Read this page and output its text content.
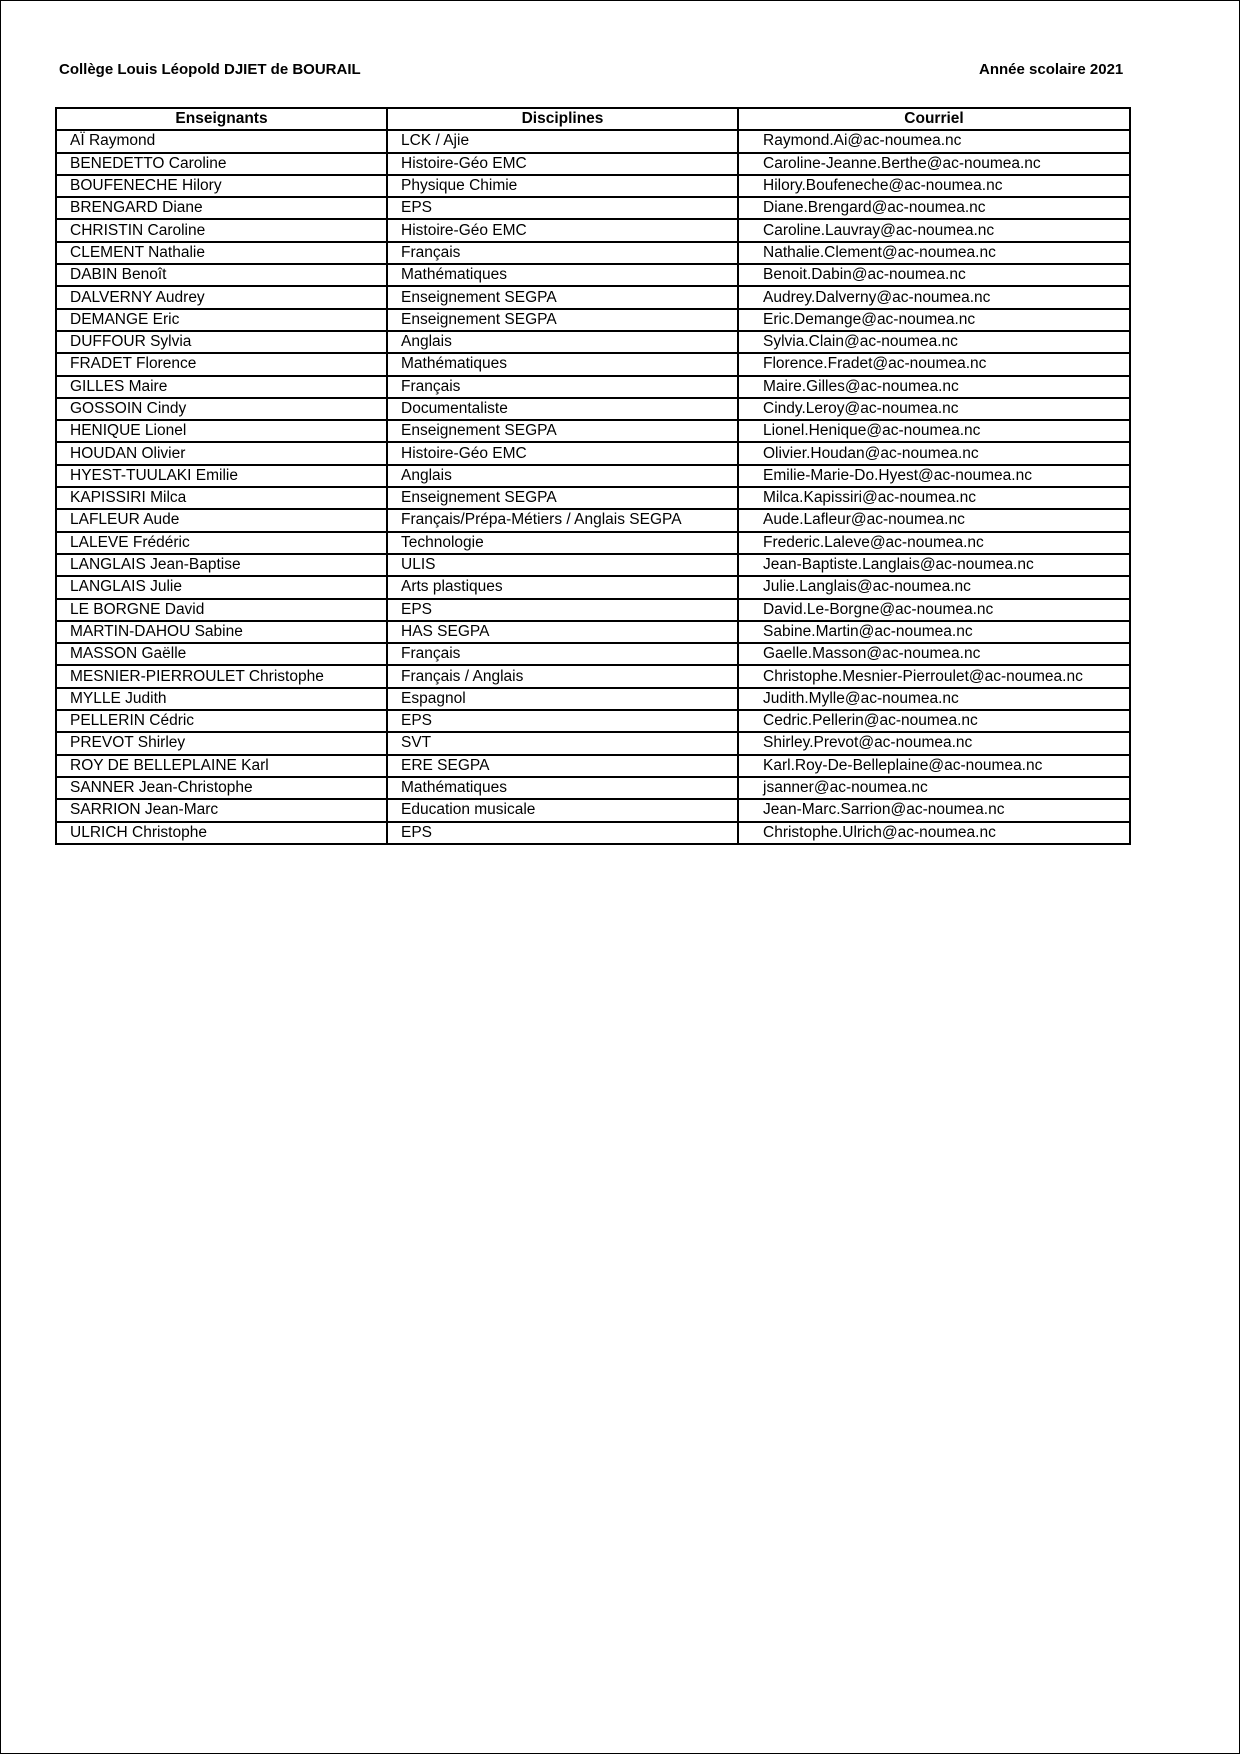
Collège Louis Léopold DJIET de BOURAIL	Année scolaire 2021
Enseignants	Disciplines	Courriel
AÏ Raymond	LCK / Ajie	Raymond.Ai@ac-noumea.nc
BENEDETTO Caroline	Histoire-Géo EMC	Caroline-Jeanne.Berthe@ac-noumea.nc
BOUFENECHE Hilory	Physique Chimie	Hilory.Boufeneche@ac-noumea.nc
BRENGARD Diane	EPS	Diane.Brengard@ac-noumea.nc
CHRISTIN Caroline	Histoire-Géo EMC	Caroline.Lauvray@ac-noumea.nc
CLEMENT Nathalie	Français	Nathalie.Clement@ac-noumea.nc
DABIN Benoît	Mathématiques	Benoit.Dabin@ac-noumea.nc
DALVERNY Audrey	Enseignement SEGPA	Audrey.Dalverny@ac-noumea.nc
DEMANGE Eric	Enseignement SEGPA	Eric.Demange@ac-noumea.nc
DUFFOUR Sylvia	Anglais	Sylvia.Clain@ac-noumea.nc
FRADET Florence	Mathématiques	Florence.Fradet@ac-noumea.nc
GILLES Maire	Français	Maire.Gilles@ac-noumea.nc
GOSSOIN Cindy	Documentaliste	Cindy.Leroy@ac-noumea.nc
HENIQUE Lionel	Enseignement SEGPA	Lionel.Henique@ac-noumea.nc
HOUDAN Olivier	Histoire-Géo EMC	Olivier.Houdan@ac-noumea.nc
HYEST-TUULAKI Emilie	Anglais	Emilie-Marie-Do.Hyest@ac-noumea.nc
KAPISSIRI Milca	Enseignement SEGPA	Milca.Kapissiri@ac-noumea.nc
LAFLEUR Aude	Français/Prépa-Métiers / Anglais SEGPA	Aude.Lafleur@ac-noumea.nc
LALEVE Frédéric	Technologie	Frederic.Laleve@ac-noumea.nc
LANGLAIS Jean-Baptise	ULIS	Jean-Baptiste.Langlais@ac-noumea.nc
LANGLAIS Julie	Arts plastiques	Julie.Langlais@ac-noumea.nc
LE BORGNE David	EPS	David.Le-Borgne@ac-noumea.nc
MARTIN-DAHOU Sabine	HAS SEGPA	Sabine.Martin@ac-noumea.nc
MASSON Gaëlle	Français	Gaelle.Masson@ac-noumea.nc
MESNIER-PIERROULET Christophe	Français / Anglais	Christophe.Mesnier-Pierroulet@ac-noumea.nc
MYLLE Judith	Espagnol	Judith.Mylle@ac-noumea.nc
PELLERIN Cédric	EPS	Cedric.Pellerin@ac-noumea.nc
PREVOT Shirley	SVT	Shirley.Prevot@ac-noumea.nc
ROY DE BELLEPLAINE Karl	ERE SEGPA	Karl.Roy-De-Belleplaine@ac-noumea.nc
SANNER Jean-Christophe	Mathématiques	jsanner@ac-noumea.nc
SARRION Jean-Marc	Education musicale	Jean-Marc.Sarrion@ac-noumea.nc
ULRICH Christophe	EPS	Christophe.Ulrich@ac-noumea.nc
